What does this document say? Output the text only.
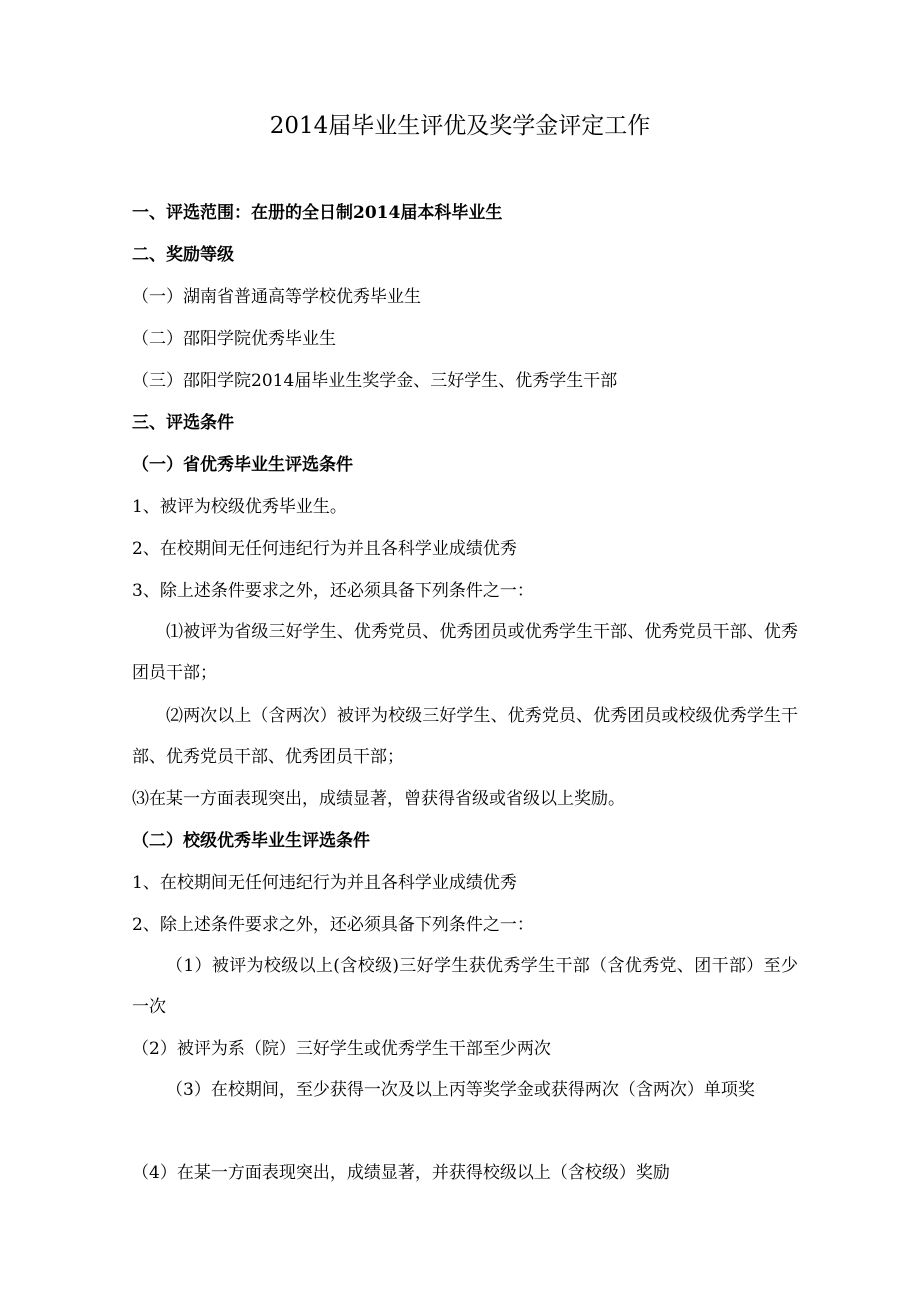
2014届毕业生评优及奖学金评定工作

一、评选范围：在册的全日制2014届本科毕业生

二、奖励等级

（一）湖南省普通高等学校优秀毕业生

（二）邵阳学院优秀毕业生

（三）邵阳学院2014届毕业生奖学金、三好学生、优秀学生干部

三、评选条件

（一）省优秀毕业生评选条件

1、被评为校级优秀毕业生。

2、在校期间无任何违纪行为并且各科学业成绩优秀

3、除上述条件要求之外，还必须具备下列条件之一：

⑴被评为省级三好学生、优秀党员、优秀团员或优秀学生干部、优秀党员干部、优秀团员干部；

⑵两次以上（含两次）被评为校级三好学生、优秀党员、优秀团员或校级优秀学生干部、优秀党员干部、优秀团员干部；

⑶在某一方面表现突出，成绩显著，曾获得省级或省级以上奖励。

（二）校级优秀毕业生评选条件

1、在校期间无任何违纪行为并且各科学业成绩优秀

2、除上述条件要求之外，还必须具备下列条件之一：

（1）被评为校级以上(含校级)三好学生获优秀学生干部（含优秀党、团干部）至少一次

（2）被评为系（院）三好学生或优秀学生干部至少两次

（3）在校期间，至少获得一次及以上丙等奖学金或获得两次（含两次）单项奖

（4）在某一方面表现突出，成绩显著，并获得校级以上（含校级）奖励
